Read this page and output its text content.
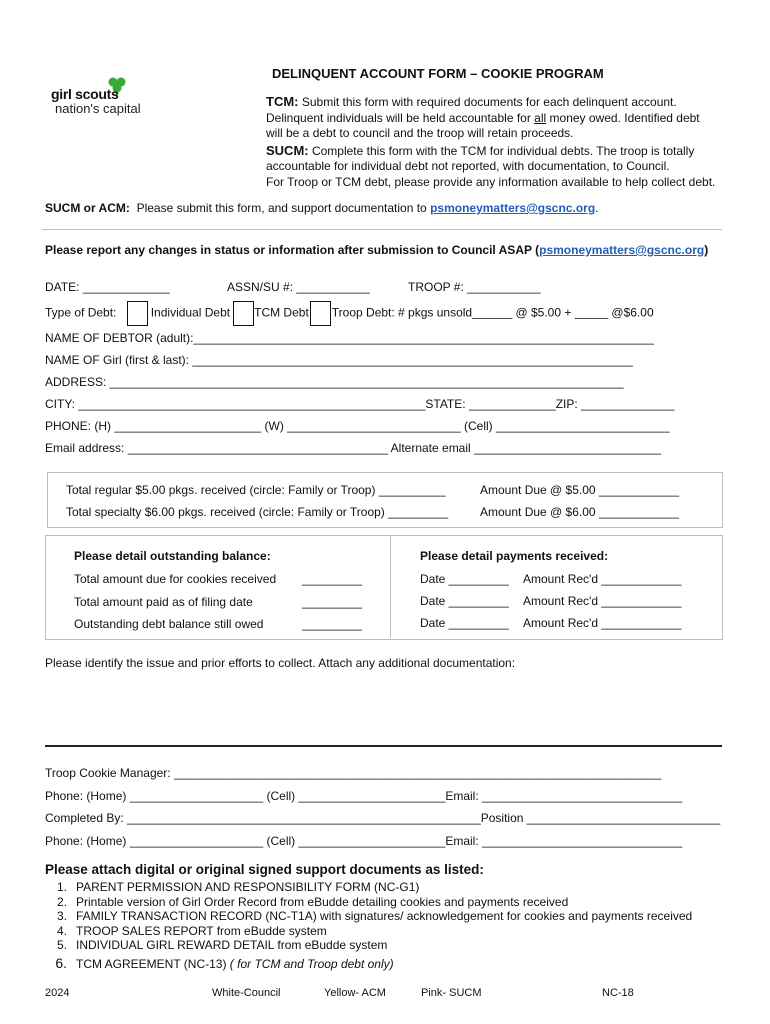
girl scouts
nation's capital
DELINQUENT ACCOUNT FORM – COOKIE PROGRAM
TCM: Submit this form with required documents for each delinquent account.
Delinquent individuals will be held accountable for all money owed. Identified debt
will be a debt to council and the troop will retain proceeds.
SUCM: Complete this form with the TCM for individual debts. The troop is totally
accountable for individual debt not reported, with documentation, to Council.
For Troop or TCM debt, please provide any information available to help collect debt.
SUCM or ACM: Please submit this form, and support documentation to psmoneymatters@gscnc.org.
Please report any changes in status or information after submission to Council ASAP (psmoneymatters@gscnc.org)
DATE: _____________	ASSN/SU #: ___________	TROOP #: ___________
Type of Debt:	Individual Debt TCM Debt Troop Debt: # pkgs unsold______ @ $5.00 + _____ @$6.00
NAME OF DEBTOR (adult):_____________________________________________________________________
NAME OF Girl (first & last): __________________________________________________________________
ADDRESS: _____________________________________________________________________________
CITY: ____________________________________________________STATE: _____________ZIP: ______________
PHONE: (H) ______________________ (W) __________________________ (Cell) __________________________
Email address: _______________________________________ Alternate email ____________________________
Total regular $5.00 pkgs. received (circle: Family or Troop) __________	Amount Due @ $5.00 ____________
Total specialty $6.00 pkgs. received (circle: Family or Troop) _________	Amount Due @ $6.00 ____________
Please detail outstanding balance:
Total amount due for cookies received _________
Total amount paid as of filing date	_________
Outstanding debt balance still owed	_________
Please detail payments received:
Date _________ Amount Rec'd ____________
Date _________ Amount Rec'd ____________
Date _________ Amount Rec'd ____________
Please identify the issue and prior efforts to collect. Attach any additional documentation:
Troop Cookie Manager: _________________________________________________________________________
Phone: (Home) ____________________ (Cell) ______________________Email: ______________________________
Completed By: _____________________________________________________Position _____________________________
Phone: (Home) ____________________ (Cell) ______________________Email: ______________________________
Please attach digital or original signed support documents as listed:
1. PARENT PERMISSION AND RESPONSIBILITY FORM (NC-G1)
2. Printable version of Girl Order Record from eBudde detailing cookies and payments received
3. FAMILY TRANSACTION RECORD (NC-T1A) with signatures/ acknowledgement for cookies and payments received
4. TROOP SALES REPORT from eBudde system
5. INDIVIDUAL GIRL REWARD DETAIL from eBudde system
6. TCM AGREEMENT (NC-13) ( for TCM and Troop debt only)
2024	White-Council	Yellow- ACM	Pink- SUCM	NC-18
